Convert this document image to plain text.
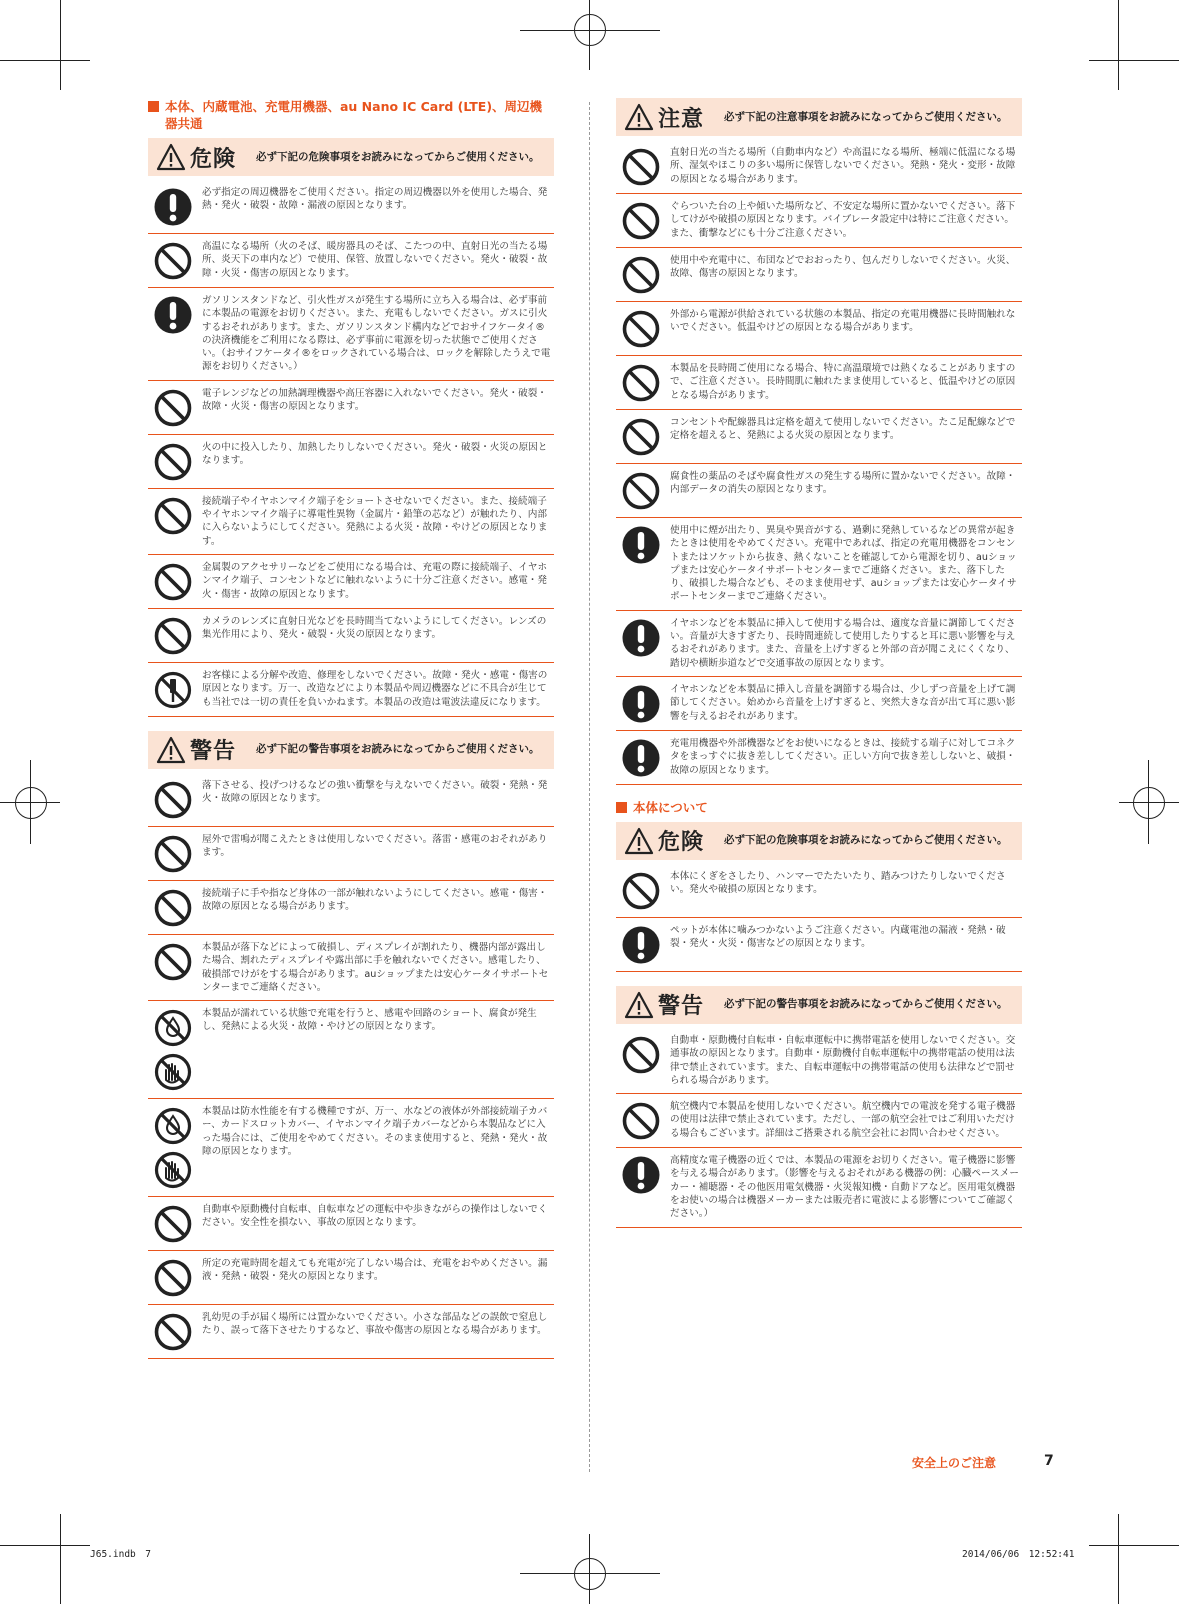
本体、内蔵電池、充電用機器、au Nano IC Card (LTE)、周辺機器共通
危険	必ず下記の危険事項をお読みになってからご使用ください。
必ず指定の周辺機器をご使用ください。指定の周辺機器以外を使用した場合、発熱・発火・破裂・故障・漏液の原因となります。
高温になる場所（火のそば、暖房器具のそば、こたつの中、直射日光の当たる場所、炎天下の車内など）で使用、保管、放置しないでください。発火・破裂・故障・火災・傷害の原因となります。
ガソリンスタンドなど、引火性ガスが発生する場所に立ち入る場合は、必ず事前に本製品の電源をお切りください。また、充電もしないでください。ガスに引火するおそれがあります。また、ガソリンスタンド構内などでおサイフケータイ®の決済機能をご利用になる際は、必ず事前に電源を切った状態でご使用ください。（おサイフケータイ®をロックされている場合は、ロックを解除したうえで電源をお切りください。）
電子レンジなどの加熱調理機器や高圧容器に入れないでください。発火・破裂・故障・火災・傷害の原因となります。
火の中に投入したり、加熱したりしないでください。発火・破裂・火災の原因となります。
接続端子やイヤホンマイク端子をショートさせないでください。また、接続端子やイヤホンマイク端子に導電性異物（金属片・鉛筆の芯など）が触れたり、内部に入らないようにしてください。発熱による火災・故障・やけどの原因となります。
金属製のアクセサリーなどをご使用になる場合は、充電の際に接続端子、イヤホンマイク端子、コンセントなどに触れないように十分ご注意ください。感電・発火・傷害・故障の原因となります。
カメラのレンズに直射日光などを長時間当てないようにしてください。レンズの集光作用により、発火・破裂・火災の原因となります。
お客様による分解や改造、修理をしないでください。故障・発火・感電・傷害の原因となります。万一、改造などにより本製品や周辺機器などに不具合が生じても当社では一切の責任を負いかねます。本製品の改造は電波法違反になります。
警告	必ず下記の警告事項をお読みになってからご使用ください。
落下させる、投げつけるなどの強い衝撃を与えないでください。破裂・発熱・発火・故障の原因となります。
屋外で雷鳴が聞こえたときは使用しないでください。落雷・感電のおそれがあります。
接続端子に手や指など身体の一部が触れないようにしてください。感電・傷害・故障の原因となる場合があります。
本製品が落下などによって破損し、ディスプレイが割れたり、機器内部が露出した場合、割れたディスプレイや露出部に手を触れないでください。感電したり、破損部でけがをする場合があります。auショップまたは安心ケータイサポートセンターまでご連絡ください。
本製品が濡れている状態で充電を行うと、感電や回路のショート、腐食が発生し、発熱による火災・故障・やけどの原因となります。
本製品は防水性能を有する機種ですが、万一、水などの液体が外部接続端子カバー、カードスロットカバー、イヤホンマイク端子カバーなどから本製品などに入った場合には、ご使用をやめてください。そのまま使用すると、発熱・発火・故障の原因となります。
自動車や原動機付自転車、自転車などの運転中や歩きながらの操作はしないでください。安全性を損ない、事故の原因となります。
所定の充電時間を超えても充電が完了しない場合は、充電をおやめください。漏液・発熱・破裂・発火の原因となります。
乳幼児の手が届く場所には置かないでください。小さな部品などの誤飲で窒息したり、誤って落下させたりするなど、事故や傷害の原因となる場合があります。
注意	必ず下記の注意事項をお読みになってからご使用ください。
直射日光の当たる場所（自動車内など）や高温になる場所、極端に低温になる場所、湿気やほこりの多い場所に保管しないでください。発熱・発火・変形・故障の原因となる場合があります。
ぐらついた台の上や傾いた場所など、不安定な場所に置かないでください。落下してけがや破損の原因となります。バイブレータ設定中は特にご注意ください。また、衝撃などにも十分ご注意ください。
使用中や充電中に、布団などでおおったり、包んだりしないでください。火災、故障、傷害の原因となります。
外部から電源が供給されている状態の本製品、指定の充電用機器に長時間触れないでください。低温やけどの原因となる場合があります。
本製品を長時間ご使用になる場合、特に高温環境では熱くなることがありますので、ご注意ください。長時間肌に触れたまま使用していると、低温やけどの原因となる場合があります。
コンセントや配線器具は定格を超えて使用しないでください。たこ足配線などで定格を超えると、発熱による火災の原因となります。
腐食性の薬品のそばや腐食性ガスの発生する場所に置かないでください。故障・内部データの消失の原因となります。
使用中に煙が出たり、異臭や異音がする、過剰に発熱しているなどの異常が起きたときは使用をやめてください。充電中であれば、指定の充電用機器をコンセントまたはソケットから抜き、熱くないことを確認してから電源を切り、auショップまたは安心ケータイサポートセンターまでご連絡ください。また、落下したり、破損した場合なども、そのまま使用せず、auショップまたは安心ケータイサポートセンターまでご連絡ください。
イヤホンなどを本製品に挿入して使用する場合は、適度な音量に調節してください。音量が大きすぎたり、長時間連続して使用したりすると耳に悪い影響を与えるおそれがあります。また、音量を上げすぎると外部の音が聞こえにくくなり、踏切や横断歩道などで交通事故の原因となります。
イヤホンなどを本製品に挿入し音量を調節する場合は、少しずつ音量を上げて調節してください。始めから音量を上げすぎると、突然大きな音が出て耳に悪い影響を与えるおそれがあります。
充電用機器や外部機器などをお使いになるときは、接続する端子に対してコネクタをまっすぐに抜き差ししてください。正しい方向で抜き差ししないと、破損・故障の原因となります。
本体について
危険	必ず下記の危険事項をお読みになってからご使用ください。
本体にくぎをさしたり、ハンマーでたたいたり、踏みつけたりしないでください。発火や破損の原因となります。
ペットが本体に噛みつかないようご注意ください。内蔵電池の漏液・発熱・破裂・発火・火災・傷害などの原因となります。
警告	必ず下記の警告事項をお読みになってからご使用ください。
自動車・原動機付自転車・自転車運転中に携帯電話を使用しないでください。交通事故の原因となります。自動車・原動機付自転車運転中の携帯電話の使用は法律で禁止されています。また、自転車運転中の携帯電話の使用も法律などで罰せられる場合があります。
航空機内で本製品を使用しないでください。航空機内での電波を発する電子機器の使用は法律で禁止されています。ただし、一部の航空会社ではご利用いただける場合もございます。詳細はご搭乗される航空会社にお問い合わせください。
高精度な電子機器の近くでは、本製品の電源をお切りください。電子機器に影響を与える場合があります。（影響を与えるおそれがある機器の例：心臓ペースメーカー・補聴器・その他医用電気機器・火災報知機・自動ドアなど。医用電気機器をお使いの場合は機器メーカーまたは販売者に電波による影響についてご確認ください。）
安全上のご注意	7
J65.indb　7	2014/06/06　12:52:41
